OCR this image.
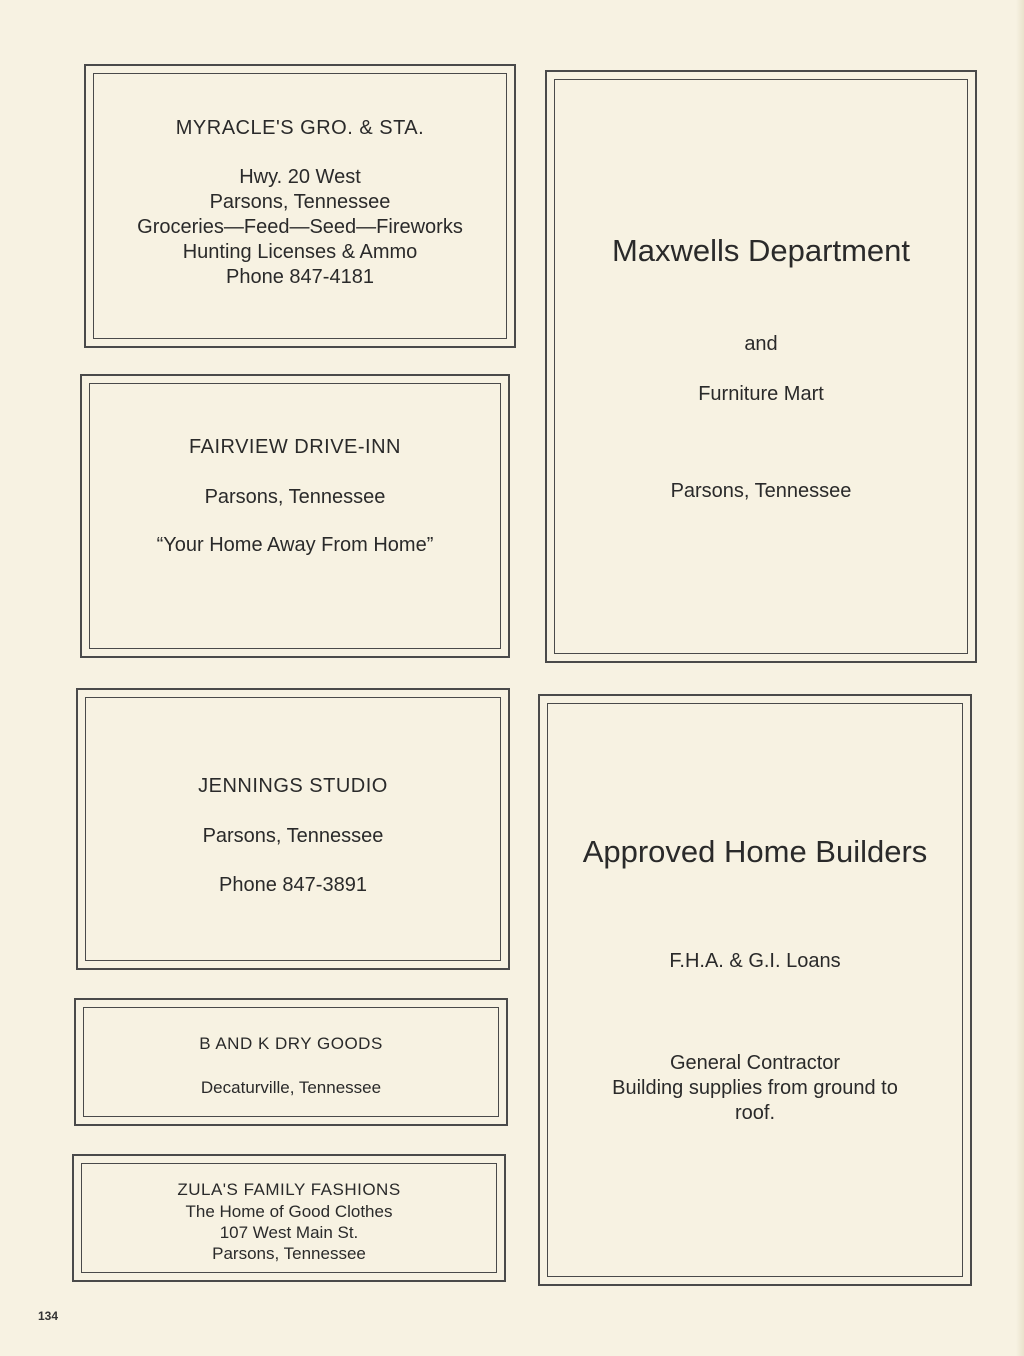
MYRACLE'S GRO. & STA.
Hwy. 20 West
Parsons, Tennessee
Groceries—Feed—Seed—Fireworks
Hunting Licenses & Ammo
Phone 847-4181
FAIRVIEW DRIVE-INN
Parsons, Tennessee
“Your Home Away From Home”
JENNINGS STUDIO
Parsons, Tennessee
Phone 847-3891
B AND K DRY GOODS
Decaturville, Tennessee
ZULA'S FAMILY FASHIONS
The Home of Good Clothes
107 West Main St.
Parsons, Tennessee
Maxwells Department
and
Furniture Mart
Parsons, Tennessee
Approved Home Builders
F.H.A. & G.I. Loans
General Contractor
Building supplies from ground to
roof.
134
